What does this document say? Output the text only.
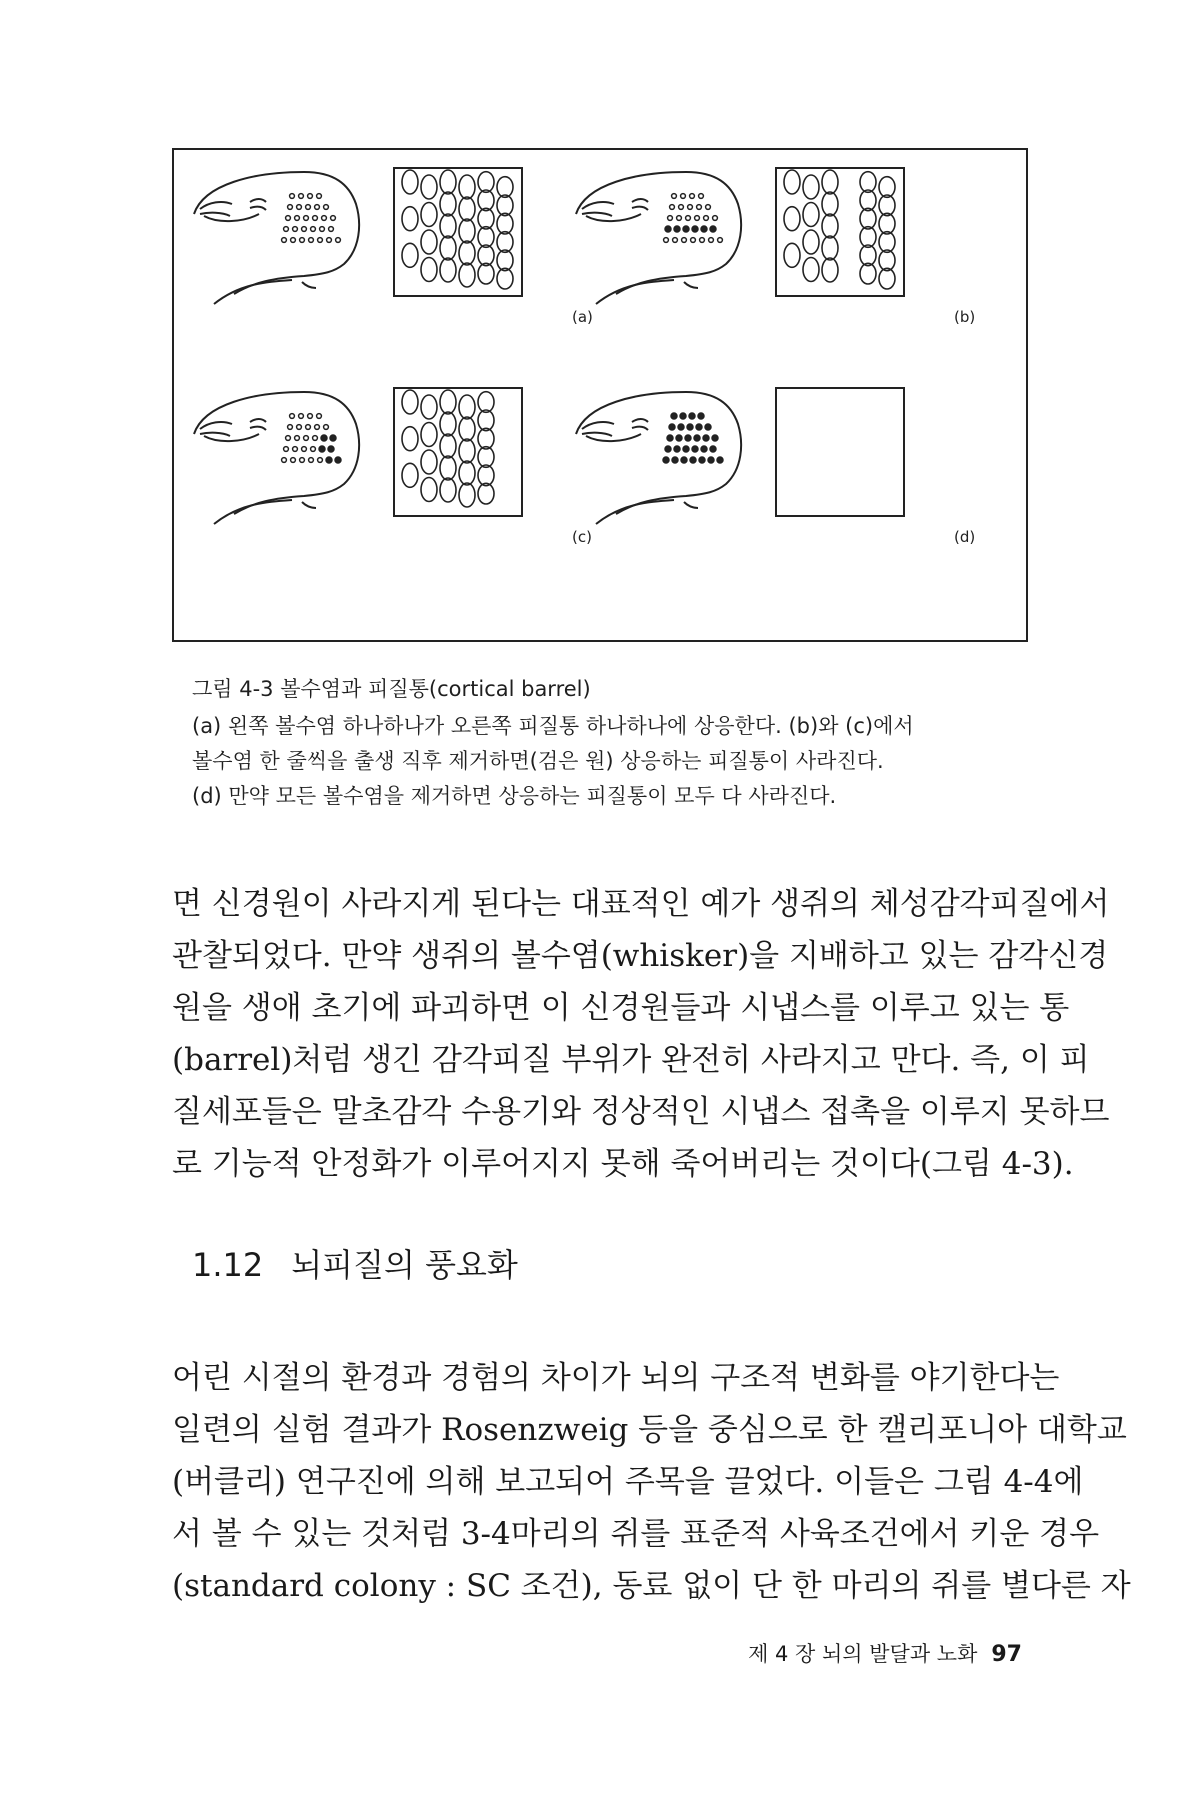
(a)	(b)
(c)	(d)
그림 4-3 볼수염과 피질통(cortical barrel)
(a) 왼쪽 볼수염 하나하나가 오른쪽 피질통 하나하나에 상응한다. (b)와 (c)에서
볼수염 한 줄씩을 출생 직후 제거하면(검은 원) 상응하는 피질통이 사라진다.
(d) 만약 모든 볼수염을 제거하면 상응하는 피질통이 모두 다 사라진다.
면 신경원이 사라지게 된다는 대표적인 예가 생쥐의 체성감각피질에서
관찰되었다. 만약 생쥐의 볼수염(whisker)을 지배하고 있는 감각신경
원을 생애 초기에 파괴하면 이 신경원들과 시냅스를 이루고 있는 통
(barrel)처럼 생긴 감각피질 부위가 완전히 사라지고 만다. 즉, 이 피
질세포들은 말초감각 수용기와 정상적인 시냅스 접촉을 이루지 못하므
로 기능적 안정화가 이루어지지 못해 죽어버리는 것이다(그림 4-3).
1.12 뇌피질의 풍요화
어린 시절의 환경과 경험의 차이가 뇌의 구조적 변화를 야기한다는
일련의 실험 결과가 Rosenzweig 등을 중심으로 한 캘리포니아 대학교
(버클리) 연구진에 의해 보고되어 주목을 끌었다. 이들은 그림 4-4에
서 볼 수 있는 것처럼 3-4마리의 쥐를 표준적 사육조건에서 키운 경우
(standard colony : SC 조건), 동료 없이 단 한 마리의 쥐를 별다른 자
제 4 장 뇌의 발달과 노화 97
